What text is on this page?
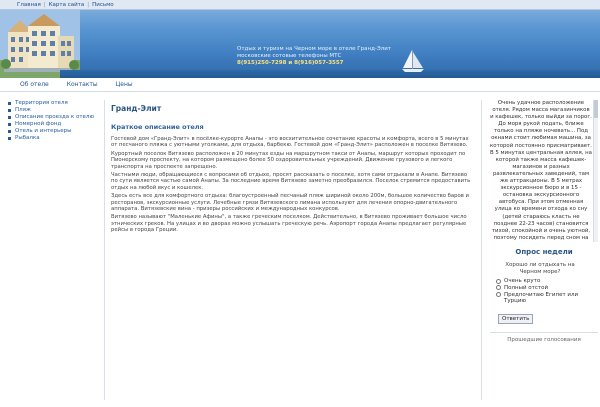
Главная | Карта сайта | Письмо
Отдых и туризм на Черном море в отеле Гранд-Элит
московские сотовые телефоны МТС
8(915)250-7298 и 8(916)057-3557
Об отеле	Контакты	Цены
Территория отеля
Пляж
Описание проезда к отелю
Номерной фонд
Отель и интерьеры
Рыбалка
Гранд-Элит
Краткое описание отеля

Гостевой дом «Гранд-Элит» в посёлке-курорте Анапы - это восхитительное сочетание красоты и комфорта, всего в 5 минутах от песчаного пляжа с уютными уголками, для отдыха, барбекю. Гостевой дом «Гранд-Элит» расположен в поселке Витязево.

Курортный поселок Витязево расположен в 20 минутах езды на маршрутном такси от Анапы, маршрут которых проходит по Пионерскому проспекту, на котором размещено более 50 оздоровительных учреждений. Движение грузового и легкого транспорта на проспекте запрещено.

Частными люди, обращающиеся с вопросами об отдыхе, просят рассказать о поселке, хотя сами отдыхали в Анапе. Витязево по сути является частью самой Анапы. За последние время Витязево заметно преобразился. Поселок стремится предоставить отдых на любой вкус и кошелек.

Здесь есть все для комфортного отдыха: благоустроенный песчаный пляж шириной около 200м, большое количество баров и ресторанов, экскурсионные услуги. Лечебные грязи Витязевского лимана используют для лечения опорно-двигательного аппарата. Витязевские вина - призеры российских и международных конкурсов.

Витязево называют "Маленькие Афины", а также греческим поселком. Действительно, в Витязево проживает большое число этнических греков. На улицах и во дворах можно услышать греческую речь. Аэропорт города Анапы предлагает регулярные рейсы в города Греции.

Очень удачное расположение отеля. Рядом масса магазинчиков и кафешек, только выйди за порог. До моря рукой подать, ближе только на пляже ночевать... Под окнами стоит любимая машина, за которой постоянно присматривает. В 5 минутах центральная аллея, на которой также масса кафешек-магазинов и разных развлекательных заведений, там же аттракционы. В 5 метрах экскурсионное бюро и в 15 - остановка экскурсионного автобуса. При этом отменная улица ко времени отхода ко сну (детей стараюсь класть не позднее 22-23 часов) становится тихой, спокойной и очень уютной, поэтому посидеть перед сном на
Опрос недели
Хорошо ли отдыхать на Черном море?
Очень круто
Полный отстой
Предпочитаю Египет или Турцию
Ответить
Прошедшие голосования
